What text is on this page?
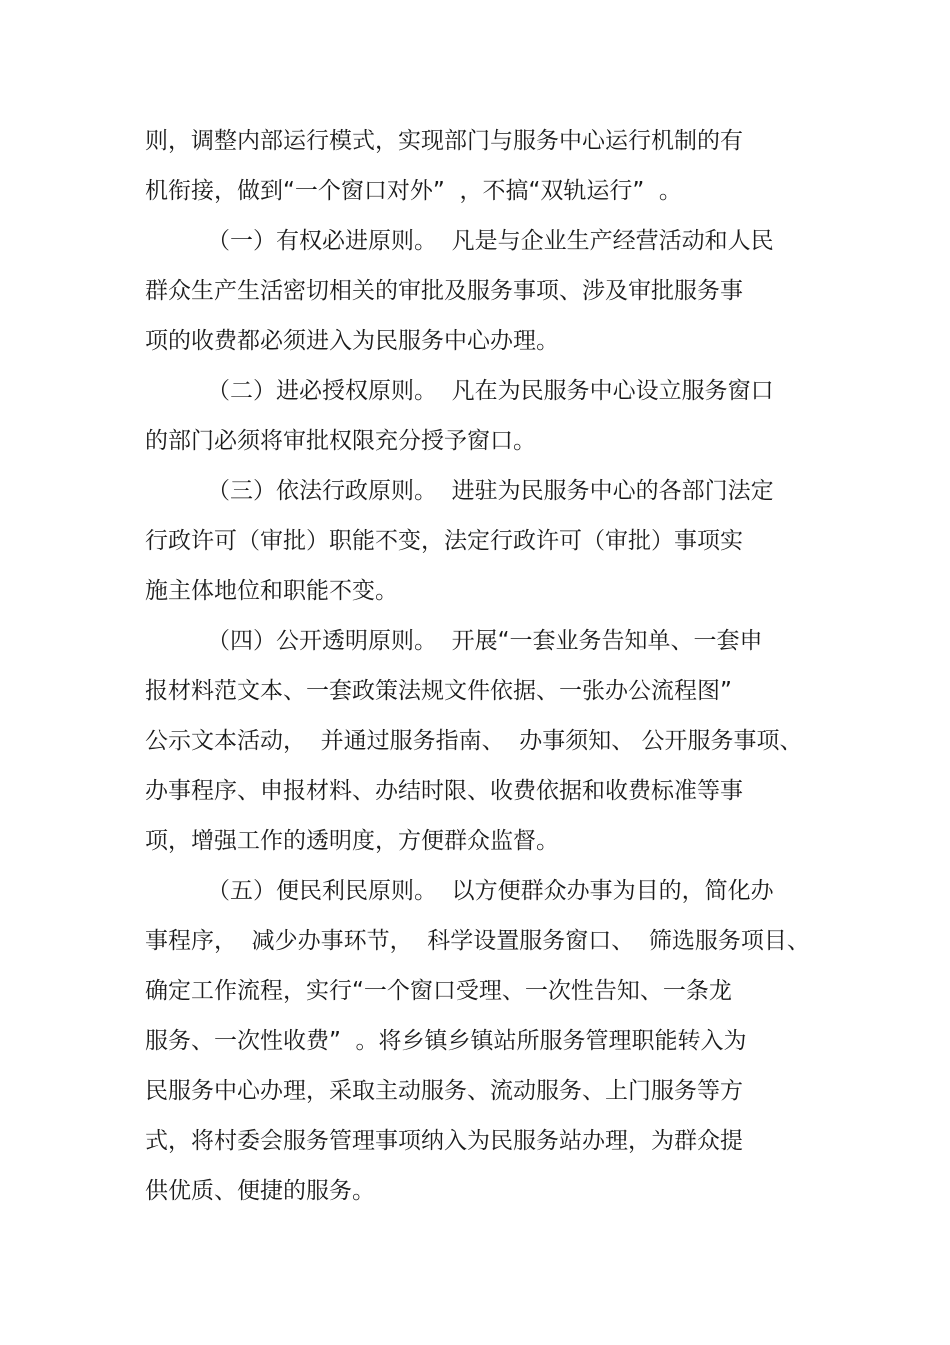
则，调整内部运行模式，实现部门与服务中心运行机制的有
机衔接，做到“一个窗口对外”  ，不搞“双轨运行”  。
（一）有权必进原则。  凡是与企业生产经营活动和人民
群众生产生活密切相关的审批及服务事项、涉及审批服务事
项的收费都必须进入为民服务中心办理。
（二）进必授权原则。  凡在为民服务中心设立服务窗口
的部门必须将审批权限充分授予窗口。
（三）依法行政原则。  进驻为民服务中心的各部门法定
行政许可（审批）职能不变，法定行政许可（审批）事项实
施主体地位和职能不变。
（四）公开透明原则。  开展“一套业务告知单、一套申
报材料范文本、一套政策法规文件依据、一张办公流程图”
公示文本活动，  并通过服务指南、  办事须知、 公开服务事项、
办事程序、申报材料、办结时限、收费依据和收费标准等事
项，增强工作的透明度，方便群众监督。
（五）便民利民原则。  以方便群众办事为目的，简化办
事程序，  减少办事环节，  科学设置服务窗口、  筛选服务项目、
确定工作流程，实行“一个窗口受理、一次性告知、一条龙
服务、一次性收费”  。将乡镇乡镇站所服务管理职能转入为
民服务中心办理，采取主动服务、流动服务、上门服务等方
式，将村委会服务管理事项纳入为民服务站办理，为群众提
供优质、便捷的服务。
